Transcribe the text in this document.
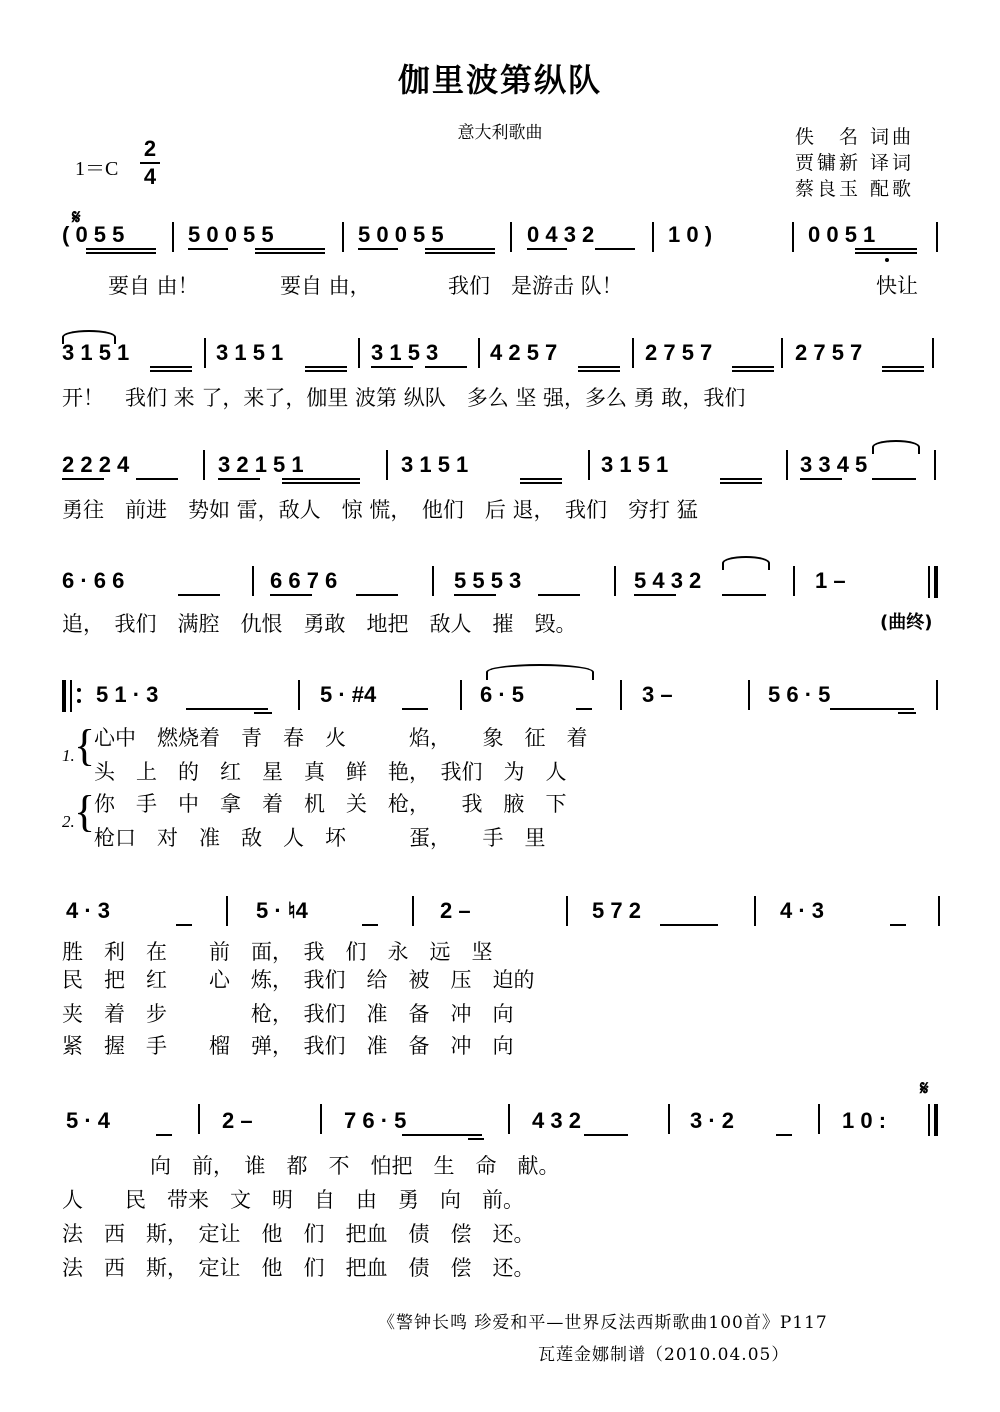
伽里波第纵队
意大利歌曲	佚　名 词曲
贾镛新 译词
蔡良玉 配歌
1＝C
2
4
𝄋
( 0 5 5	5 0 0 5 5	5 0 0 5 5	0 4 3 2	1 0 )	0 0 5 1
要自 由！	要自 由，	我们　是游击 队！	快让
3 1 5 1	3 1 5 1	3 1 5 3 4 2 5 7	2 7 5 7	2 7 5 7
开！　我们 来 了，来了，伽里 波第 纵队　多么 坚 强，多么 勇 敢，我们
2 2 2 4	3 2 1 5 1	3 1 5 1	3 1 5 1	3 3 4 5
勇往　前进　势如 雷，敌人　惊 慌，　他们　后 退，　我们　穷打 猛
6 · 6 6	6 6 7 6	5 5 5 3	5 4 3 2	1 –
追，　我们　满腔　仇恨　勇敢　地把　敌人　摧　毁。	(曲终)
5 1 · 3	5 · #4	6 · 5	3 –	5 6 · 5
1. {
心中　燃烧着　青　春　火　　　焰，　　象　征　着
头　上　的　红　星　真　鲜　艳，　我们　为　人
2. {
你　手　中　拿　着　机　关　枪，　　我　腋　下
枪口　对　准　敌　人　坏　　　蛋，　　手　里
4 · 3	5 · ♮4	2 –	5 7 2	4 · 3
胜　利　在　　前　面，　我　们　永　远　坚
民　把　红　　心　炼，　我们　给　被　压　迫的
夹　着　步　　　　枪，　我们　准　备　冲　向
紧　握　手　　榴　弹，　我们　准　备　冲　向
𝄋
5 · 4	2 –	7 6 · 5	4 3 2	3 · 2	1 0 :
向　前，　谁　都　不　怕把　生　命　献。
人　　民　带来　文　明　自　由　勇　向　前。
法　西　斯，　定让　他　们　把血　债　偿　还。
法　西　斯，　定让　他　们　把血　债　偿　还。
《警钟长鸣 珍爱和平—世界反法西斯歌曲100首》P117
瓦莲金娜制谱（2010.04.05）
